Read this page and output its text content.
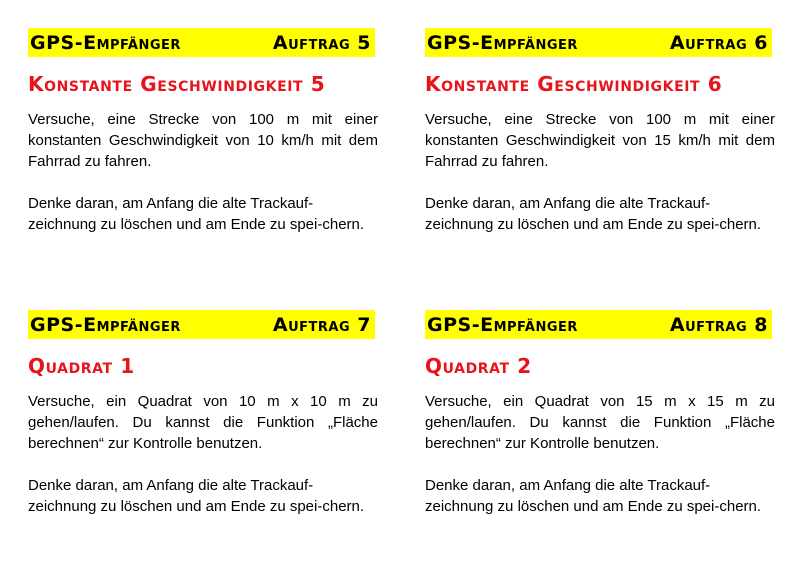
GPS-Empfänger	Auftrag 5
Konstante Geschwindigkeit 5
Versuche, eine Strecke von 100 m mit einer konstanten Geschwindigkeit von 10 km/h mit dem Fahrrad zu fahren.
Denke daran, am Anfang die alte Trackauf-zeichnung zu löschen und am Ende zu spei-chern.
GPS-Empfänger	Auftrag 6
Konstante Geschwindigkeit 6
Versuche, eine Strecke von 100 m mit einer konstanten Geschwindigkeit von 15 km/h mit dem Fahrrad zu fahren.
Denke daran, am Anfang die alte Trackauf-zeichnung zu löschen und am Ende zu spei-chern.
GPS-Empfänger	Auftrag 7
Quadrat 1
Versuche, ein Quadrat von 10 m x 10 m zu gehen/laufen. Du kannst die Funktion „Fläche berechnen“ zur Kontrolle benutzen.
Denke daran, am Anfang die alte Trackauf-zeichnung zu löschen und am Ende zu spei-chern.
GPS-Empfänger	Auftrag 8
Quadrat 2
Versuche, ein Quadrat von 15 m x 15 m zu gehen/laufen. Du kannst die Funktion „Fläche berechnen“ zur Kontrolle benutzen.
Denke daran, am Anfang die alte Trackauf-zeichnung zu löschen und am Ende zu spei-chern.
